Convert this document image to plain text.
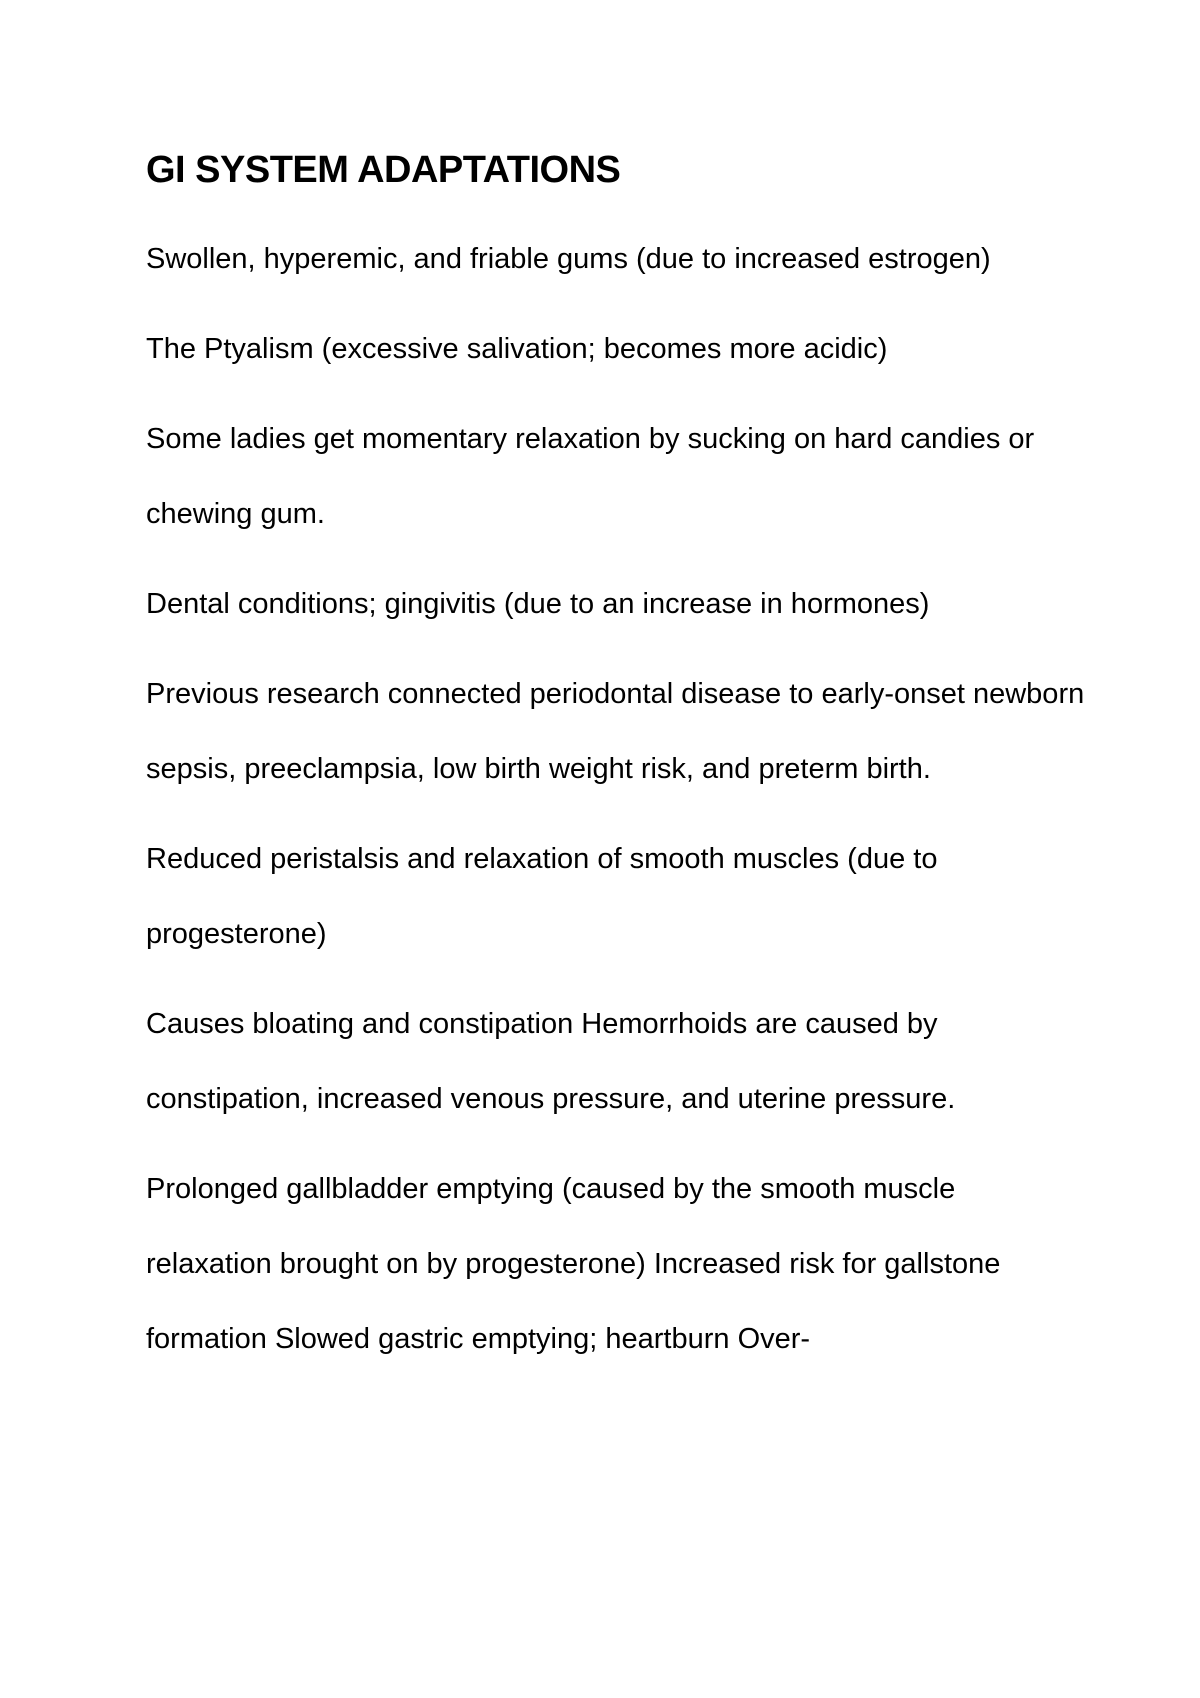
GI SYSTEM ADAPTATIONS

Swollen, hyperemic, and friable gums (due to increased estrogen)

The Ptyalism (excessive salivation; becomes more acidic)

Some ladies get momentary relaxation by sucking on hard candies or chewing gum.

Dental conditions; gingivitis (due to an increase in hormones)

Previous research connected periodontal disease to early-onset newborn sepsis, preeclampsia, low birth weight risk, and preterm birth.

Reduced peristalsis and relaxation of smooth muscles (due to progesterone)

Causes bloating and constipation Hemorrhoids are caused by constipation, increased venous pressure, and uterine pressure.

Prolonged gallbladder emptying (caused by the smooth muscle relaxation brought on by progesterone) Increased risk for gallstone formation Slowed gastric emptying; heartburn Over-
